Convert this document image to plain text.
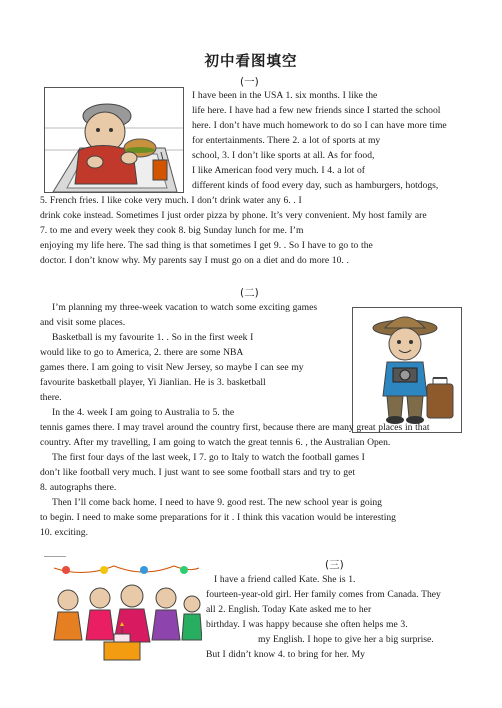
初中看图填空
(一)
I have been in the USA 1. six months. I like the
life here. I have had a few new friends since I started the school
here. I don’t have much homework to do so I can have more time
for entertainments. There 2. a lot of sports at my
school, 3. I don’t like sports at all. As for food,
I like American food very much. I 4. a lot of
different kinds of food every day, such as hamburgers, hotdogs,
5. French fries. I like coke very much. I don’t drink water any 6. . I
drink coke instead. Sometimes I just order pizza by phone. It’s very convenient. My host family are
7. to me and every week they cook 8. big Sunday lunch for me. I’m
enjoying my life here. The sad thing is that sometimes I get 9. . So I have to go to the
doctor. I don’t know why. My parents say I must go on a diet and do more 10. .
(二)
I’m planning my three-week vacation to watch some exciting games
and visit some places.
Basketball is my favourite 1. . So in the first week I
would like to go to America, 2. there are some NBA
games there. I am going to visit New Jersey, so maybe I can see my
favourite basketball player, Yi Jianlian. He is 3. basketball
there.
In the 4. week I am going to Australia to 5. the
tennis games there. I may travel around the country first, because there are many great places in that
country. After my travelling, I am going to watch the great tennis 6. , the Australian Open.
The first four days of the last week, I 7. go to Italy to watch the football games I
don’t like football very much. I just want to see some football stars and try to get
8. autographs there.
Then I’ll come back home. I need to have 9. good rest. The new school year is going
to begin. I need to make some preparations for it . I think this vacation would be interesting
10. exciting.
(三)
I have a friend called Kate. She is 1.
fourteen-year-old girl. Her family comes from Canada. They
all 2. English. Today Kate asked me to her
birthday. I was happy because she often helps me 3.
my English. I hope to give her a big surprise.
But I didn’t know 4. to bring for her. My
